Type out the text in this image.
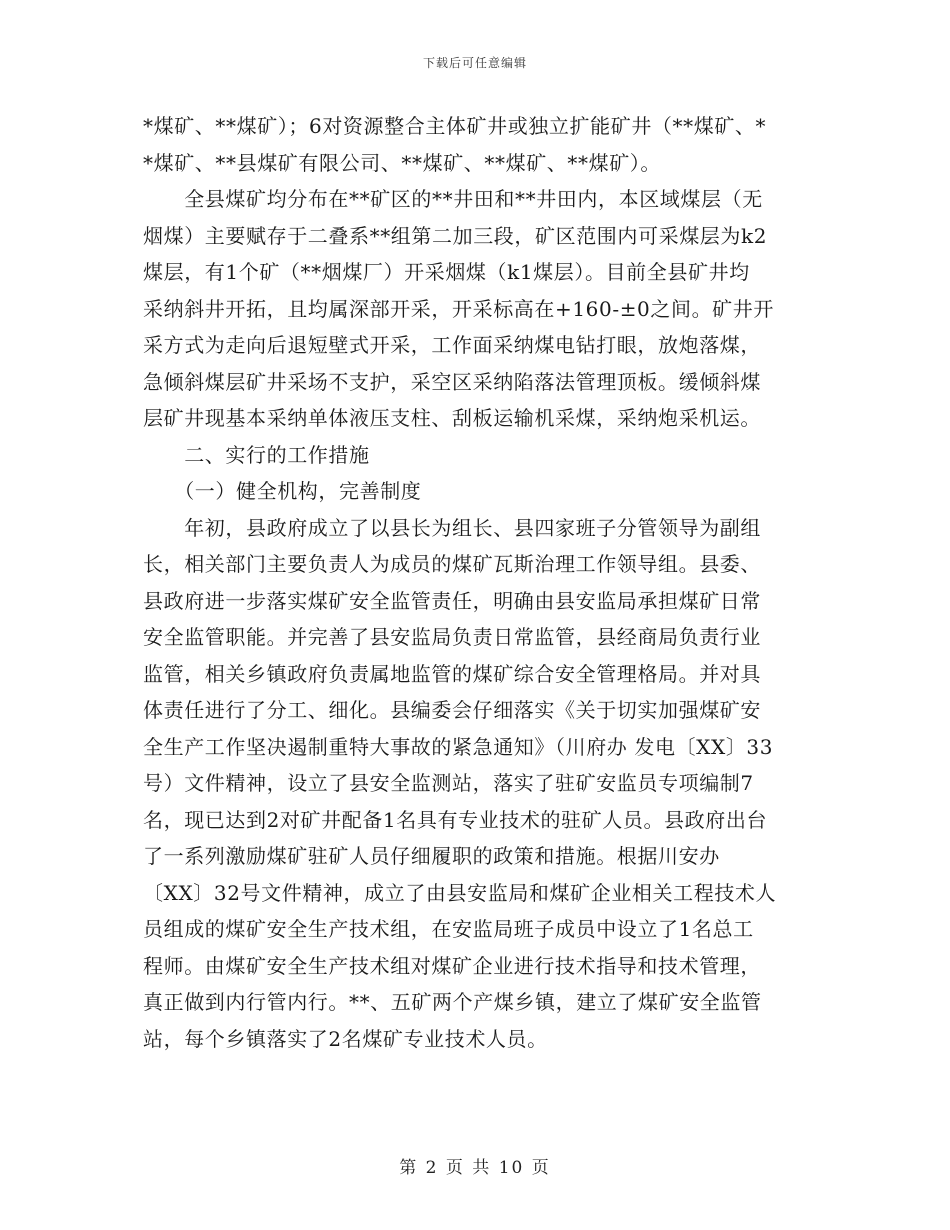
下载后可任意编辑
*煤矿、**煤矿）；6对资源整合主体矿井或独立扩能矿井（**煤矿、*
*煤矿、**县煤矿有限公司、**煤矿、**煤矿、**煤矿）。
　　全县煤矿均分布在**矿区的**井田和**井田内，本区域煤层（无
烟煤）主要赋存于二叠系**组第二加三段，矿区范围内可采煤层为k2
煤层，有1个矿（**烟煤厂）开采烟煤（k1煤层）。目前全县矿井均
采纳斜井开拓，且均属深部开采，开采标高在+160-±0之间。矿井开
采方式为走向后退短壁式开采，工作面采纳煤电钻打眼，放炮落煤，
急倾斜煤层矿井采场不支护，采空区采纳陷落法管理顶板。缓倾斜煤
层矿井现基本采纳单体液压支柱、刮板运输机采煤，采纳炮采机运。
　　二、实行的工作措施
　　（一）健全机构，完善制度
　　年初，县政府成立了以县长为组长、县四家班子分管领导为副组
长，相关部门主要负责人为成员的煤矿瓦斯治理工作领导组。县委、
县政府进一步落实煤矿安全监管责任，明确由县安监局承担煤矿日常
安全监管职能。并完善了县安监局负责日常监管，县经商局负责行业
监管，相关乡镇政府负责属地监管的煤矿综合安全管理格局。并对具
体责任进行了分工、细化。县编委会仔细落实《关于切实加强煤矿安
全生产工作坚决遏制重特大事故的紧急通知》（川府办 发电〔XX〕33
号）文件精神，设立了县安全监测站，落实了驻矿安监员专项编制7
名，现已达到2对矿井配备1名具有专业技术的驻矿人员。县政府出台
了一系列激励煤矿驻矿人员仔细履职的政策和措施。根据川安办
〔XX〕32号文件精神，成立了由县安监局和煤矿企业相关工程技术人
员组成的煤矿安全生产技术组，在安监局班子成员中设立了1名总工
程师。由煤矿安全生产技术组对煤矿企业进行技术指导和技术管理，
真正做到内行管内行。**、五矿两个产煤乡镇，建立了煤矿安全监管
站，每个乡镇落实了2名煤矿专业技术人员。
第 2 页 共 10 页
